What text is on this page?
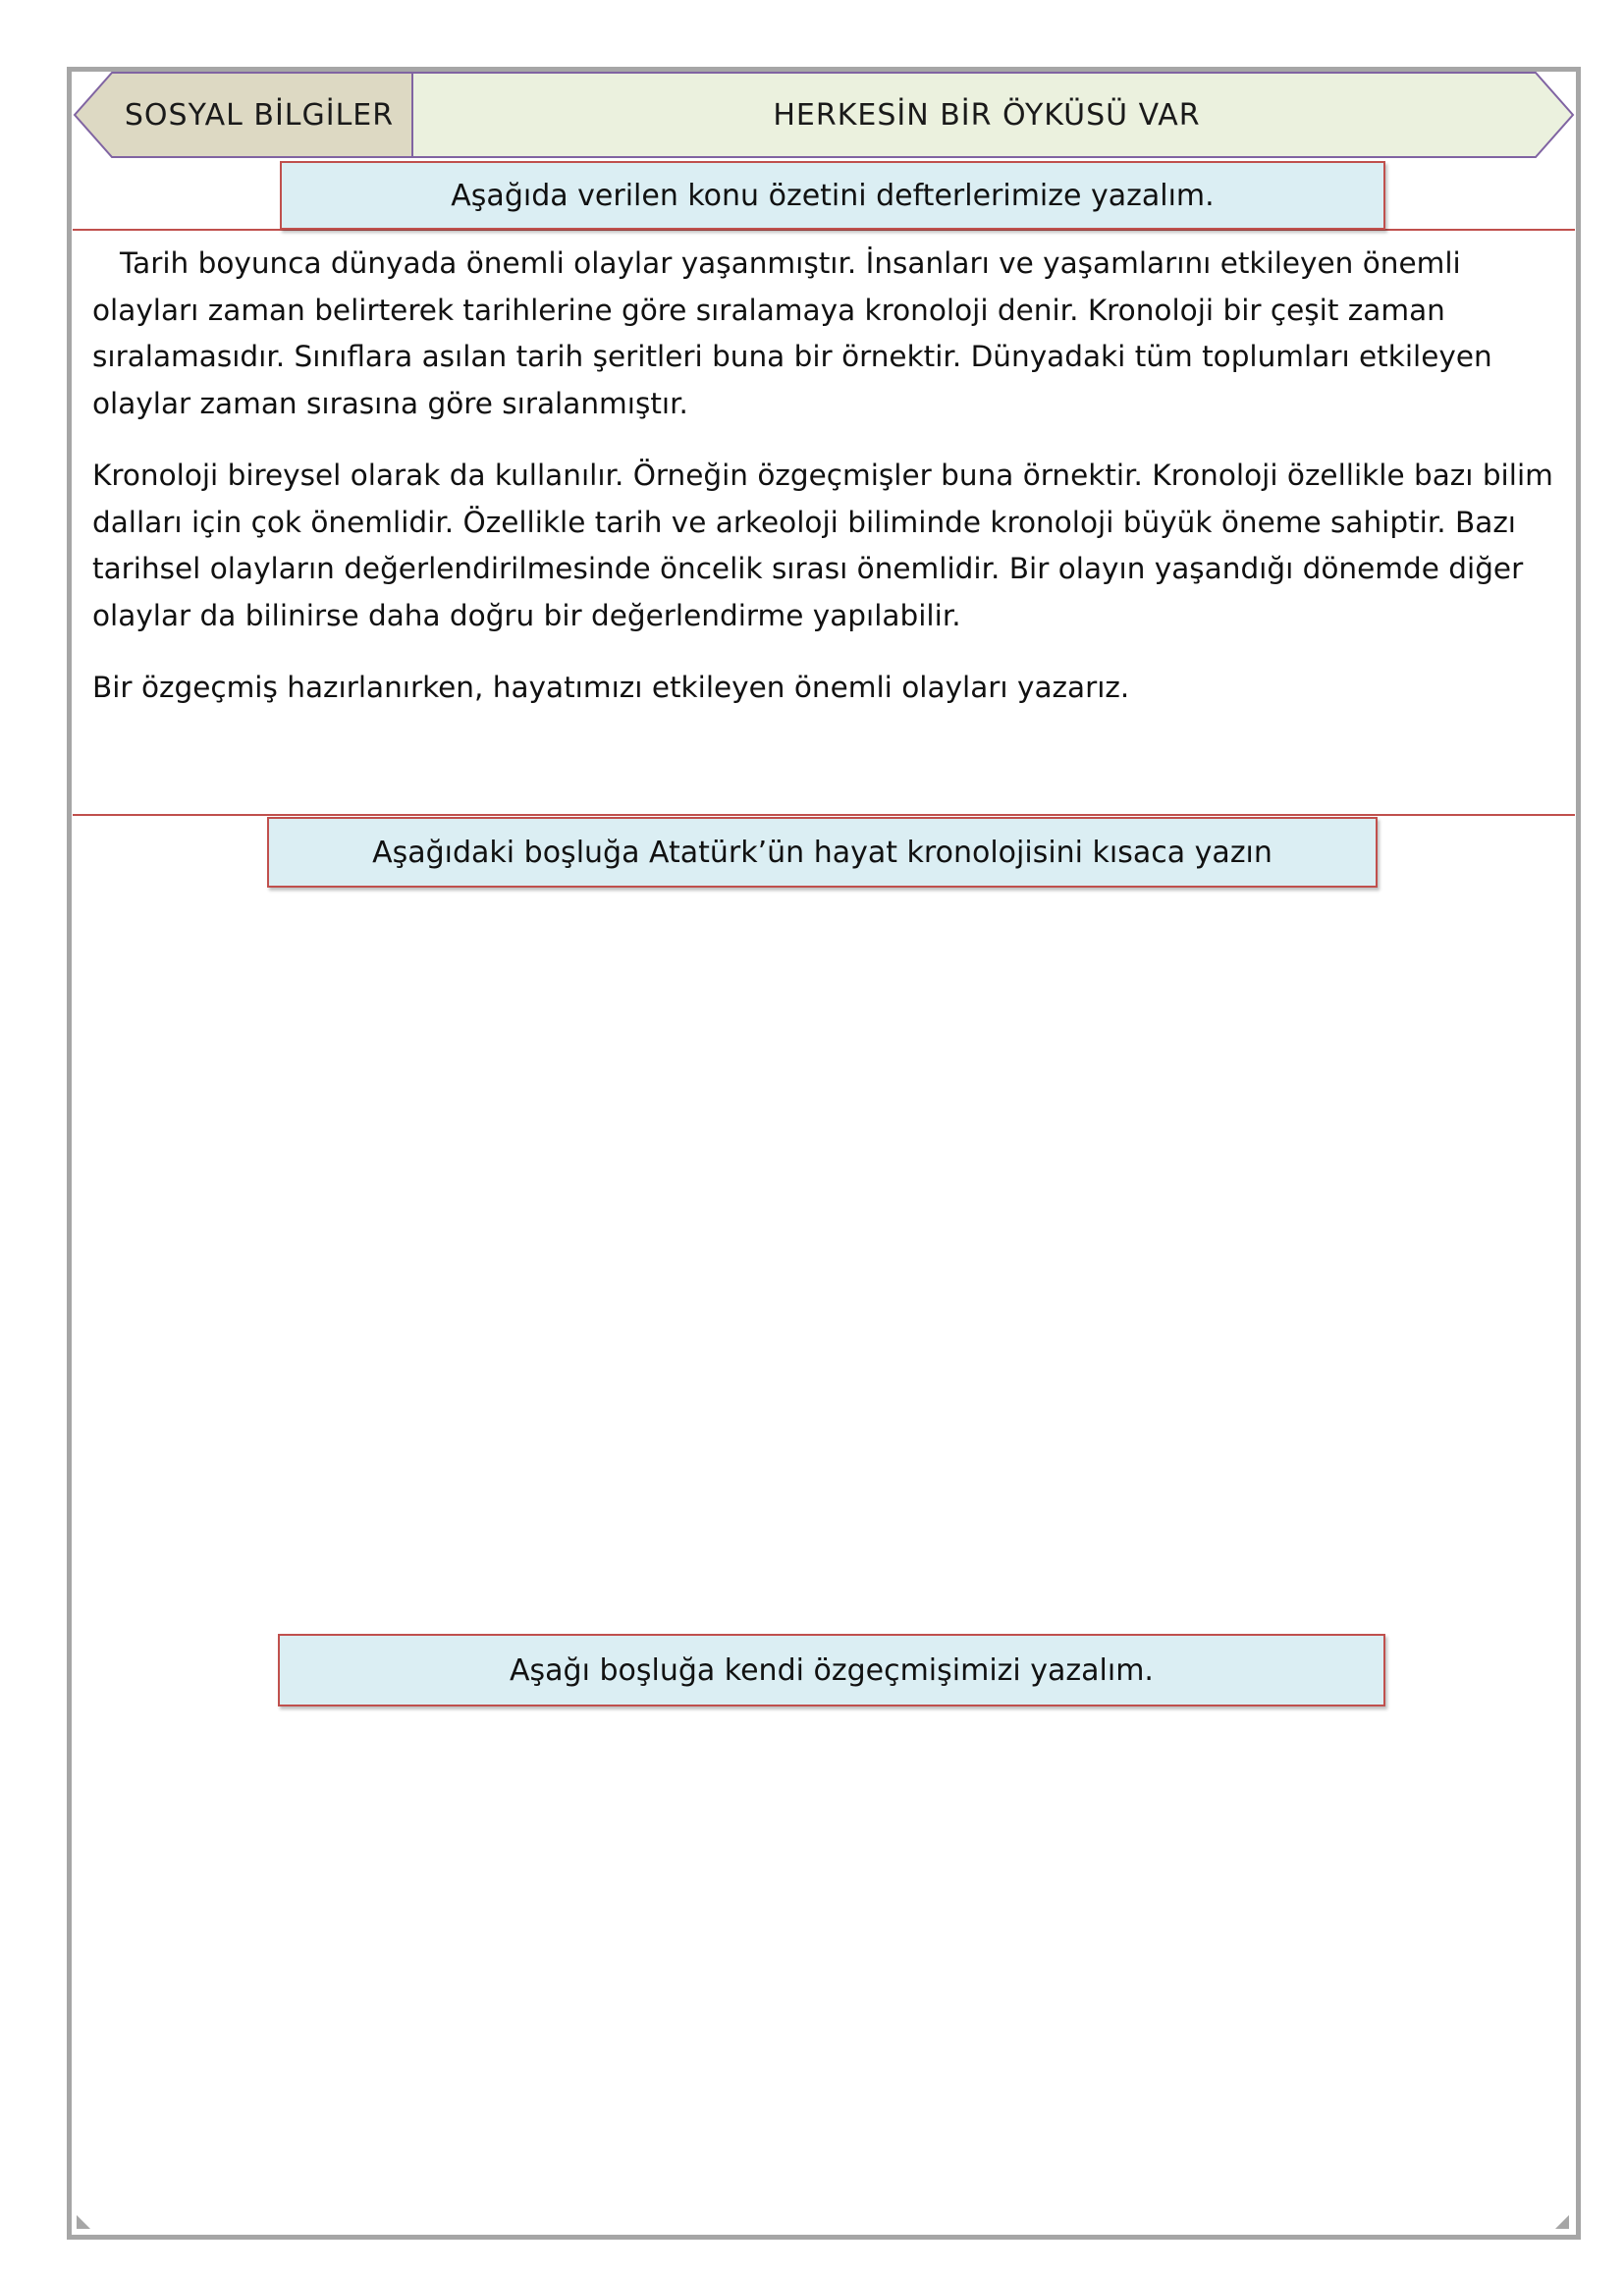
SOSYAL BİLGİLER	HERKESİN BİR ÖYKÜSÜ VAR
Aşağıda verilen konu özetini defterlerimize yazalım.

Tarih boyunca dünyada önemli olaylar yaşanmıştır. İnsanları ve yaşamlarını etkileyen önemli olayları zaman belirterek tarihlerine göre sıralamaya kronoloji denir. Kronoloji bir çeşit zaman sıralamasıdır. Sınıflara asılan tarih şeritleri buna bir örnektir. Dünyadaki tüm toplumları etkileyen olaylar zaman sırasına göre sıralanmıştır.

Kronoloji bireysel olarak da kullanılır. Örneğin özgeçmişler buna örnektir. Kronoloji özellikle bazı bilim dalları için çok önemlidir. Özellikle tarih ve arkeoloji biliminde kronoloji büyük öneme sahiptir. Bazı tarihsel olayların değerlendirilmesinde öncelik sırası önemlidir. Bir olayın yaşandığı dönemde diğer olaylar da bilinirse daha doğru bir değerlendirme yapılabilir.

Bir özgeçmiş hazırlanırken, hayatımızı etkileyen önemli olayları yazarız.

Aşağıdaki boşluğa Atatürk’ün hayat kronolojisini kısaca yazın
Aşağı boşluğa kendi özgeçmişimizi yazalım.
